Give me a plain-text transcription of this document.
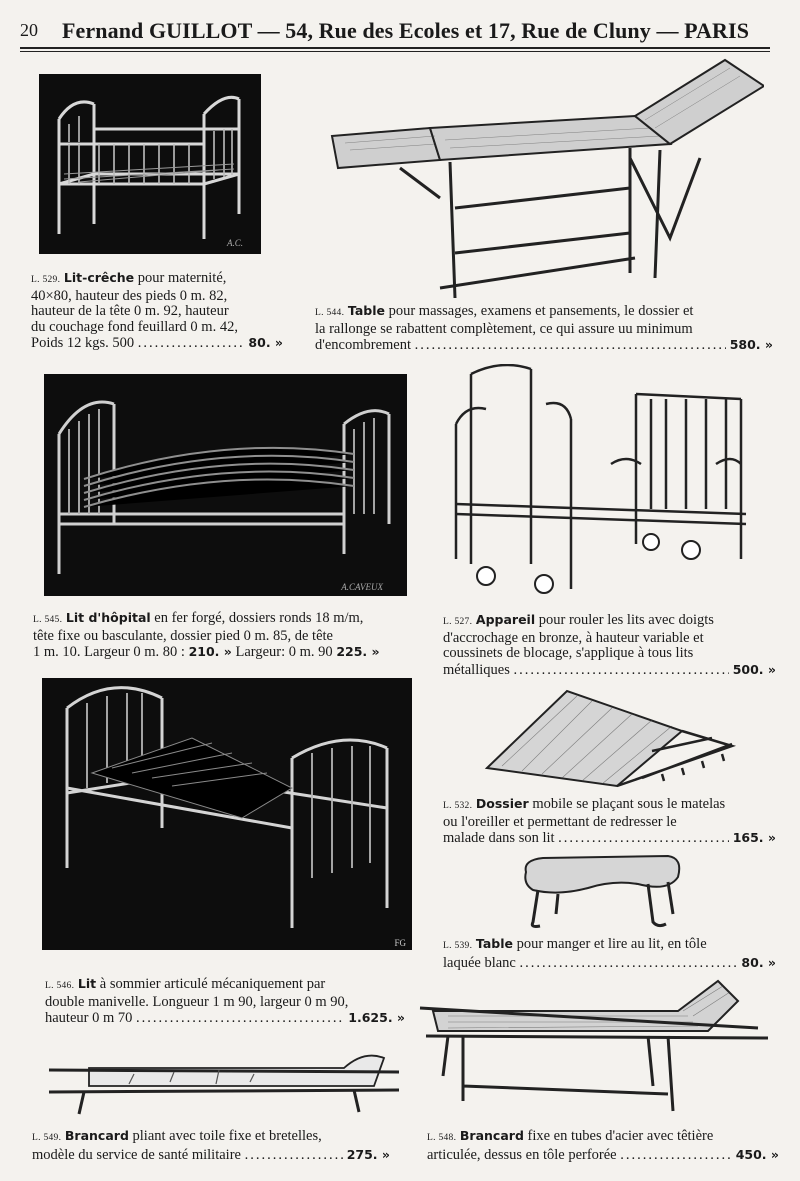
20 Fernand GUILLOT — 54, Rue des Ecoles et 17, Rue de Cluny — PARIS
A.C.
L. 529. Lit-crêche pour maternité,
40×80, hauteur des pieds 0 m. 82,
hauteur de la tête 0 m. 92, hauteur
du couchage fond feuillard 0 m. 42,
Poids 12 kgs. 500
.....
	80. »
L. 544. Table pour massages, examens et pansements, le dossier et
la rallonge se rabattent complètement, ce qui assure uu minimum
d'encombrement
.....
	580. »
A.CAVEUX
L. 545. Lit d'hôpital en fer forgé, dossiers ronds 18 m/m,
tête fixe ou basculante, dossier pied 0 m. 85, de tête
1 m. 10. Largeur 0 m. 80 : 210. » Largeur: 0 m. 90 225. »
L. 527. Appareil pour rouler les lits avec doigts
d'accrochage en bronze, à hauteur variable et
coussinets de blocage, s'applique à tous lits
métalliques
.....
	500. »
FG
L. 532. Dossier mobile se plaçant sous le matelas
ou l'oreiller et permettant de redresser le
malade dans son lit
.....
	165. »
L. 539. Table pour manger et lire au lit, en tôle
laquée blanc
.....
	80. »
L. 546. Lit à sommier articulé mécaniquement par
double manivelle. Longueur 1 m 90, largeur 0 m 90,
hauteur 0 m 70
.....
	1.625. »
L. 549. Brancard pliant avec toile fixe et bretelles,
modèle du service de santé militaire
.....
	275. »
L. 548. Brancard fixe en tubes d'acier avec têtière
articulée, dessus en tôle perforée
.....
	450. »
